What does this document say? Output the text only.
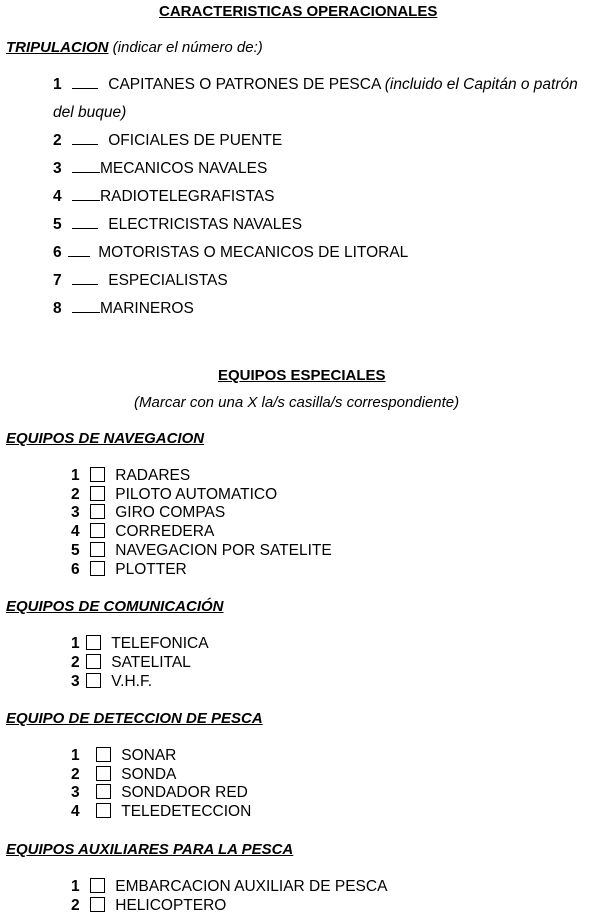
CARACTERISTICAS OPERACIONALES
TRIPULACION (indicar el número de:)
1	CAPITANES O PATRONES DE PESCA (incluido el Capitán o patrón
del buque)
2	OFICIALES DE PUENTE
3 MECANICOS NAVALES
4 RADIOTELEGRAFISTAS
5	ELECTRICISTAS NAVALES
6 MOTORISTAS O MECANICOS DE LITORAL
7	ESPECIALISTAS
8 MARINEROS
EQUIPOS ESPECIALES
(Marcar con una X la/s casilla/s correspondiente)
EQUIPOS DE NAVEGACION
1 RADARES
2 PILOTO AUTOMATICO
3 GIRO COMPAS
4 CORREDERA
5 NAVEGACION POR SATELITE
6 PLOTTER
EQUIPOS DE COMUNICACIÓN
1 TELEFONICA
2 SATELITAL
3 V.H.F.
EQUIPO DE DETECCION DE PESCA
1	SONAR
2	SONDA
3	SONDADOR RED
4	TELEDETECCION
EQUIPOS AUXILIARES PARA LA PESCA
1 EMBARCACION AUXILIAR DE PESCA
2 HELICOPTERO
